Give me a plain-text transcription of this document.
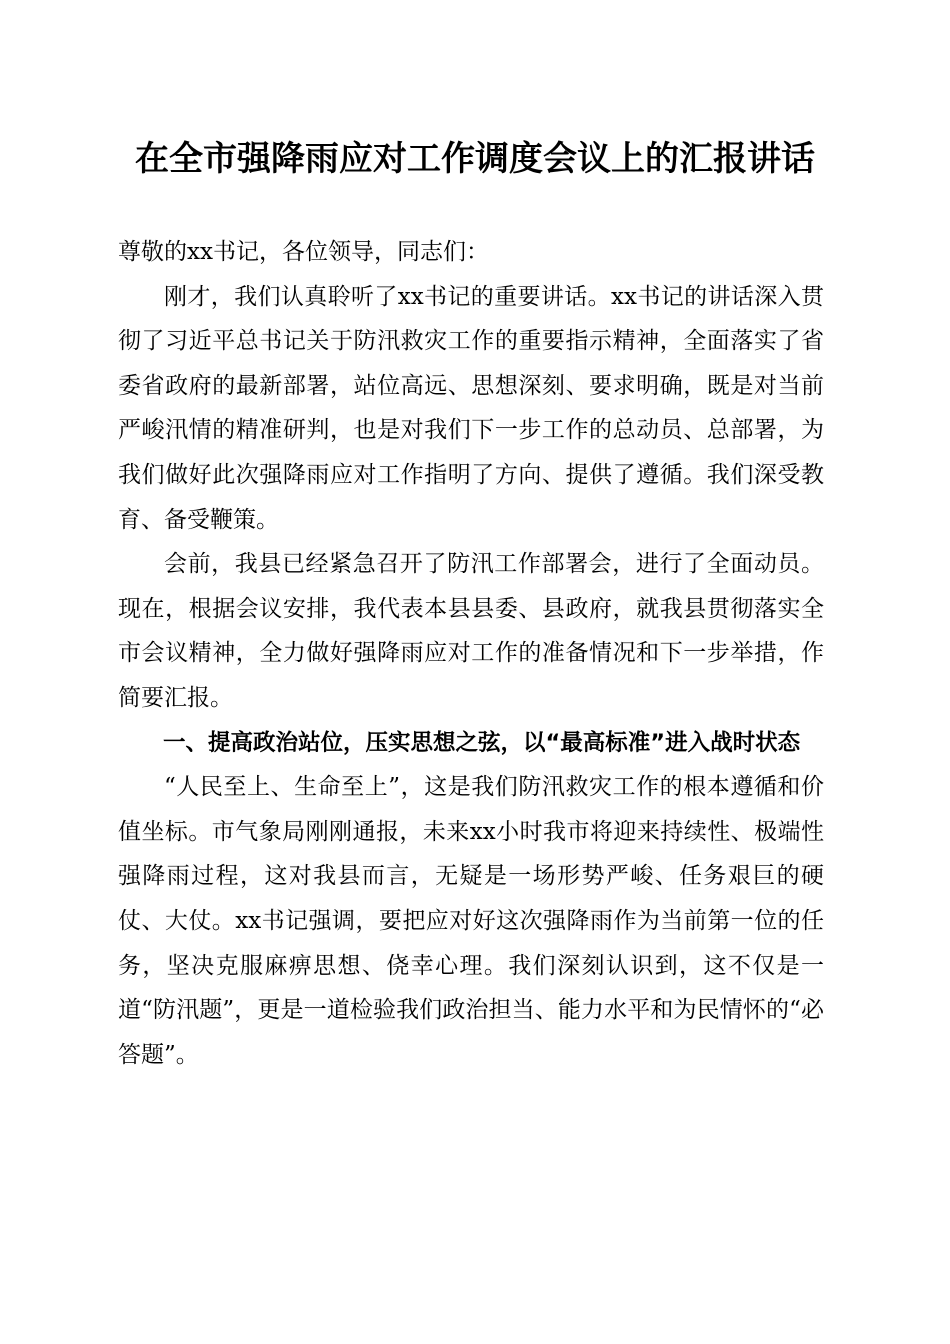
在全市强降雨应对工作调度会议上的汇报讲话

尊敬的xx书记，各位领导，同志们：

刚才，我们认真聆听了xx书记的重要讲话。xx书记的讲话深入贯彻了习近平总书记关于防汛救灾工作的重要指示精神，全面落实了省委省政府的最新部署，站位高远、思想深刻、要求明确，既是对当前严峻汛情的精准研判，也是对我们下一步工作的总动员、总部署，为我们做好此次强降雨应对工作指明了方向、提供了遵循。我们深受教育、备受鞭策。

会前，我县已经紧急召开了防汛工作部署会，进行了全面动员。现在，根据会议安排，我代表本县县委、县政府，就我县贯彻落实全市会议精神，全力做好强降雨应对工作的准备情况和下一步举措，作简要汇报。

一、提高政治站位，压实思想之弦，以“最高标准”进入战时状态

“人民至上、生命至上”，这是我们防汛救灾工作的根本遵循和价值坐标。市气象局刚刚通报，未来xx小时我市将迎来持续性、极端性强降雨过程，这对我县而言，无疑是一场形势严峻、任务艰巨的硬仗、大仗。xx书记强调，要把应对好这次强降雨作为当前第一位的任务，坚决克服麻痹思想、侥幸心理。我们深刻认识到，这不仅是一道“防汛题”，更是一道检验我们政治担当、能力水平和为民情怀的“必答题”。
